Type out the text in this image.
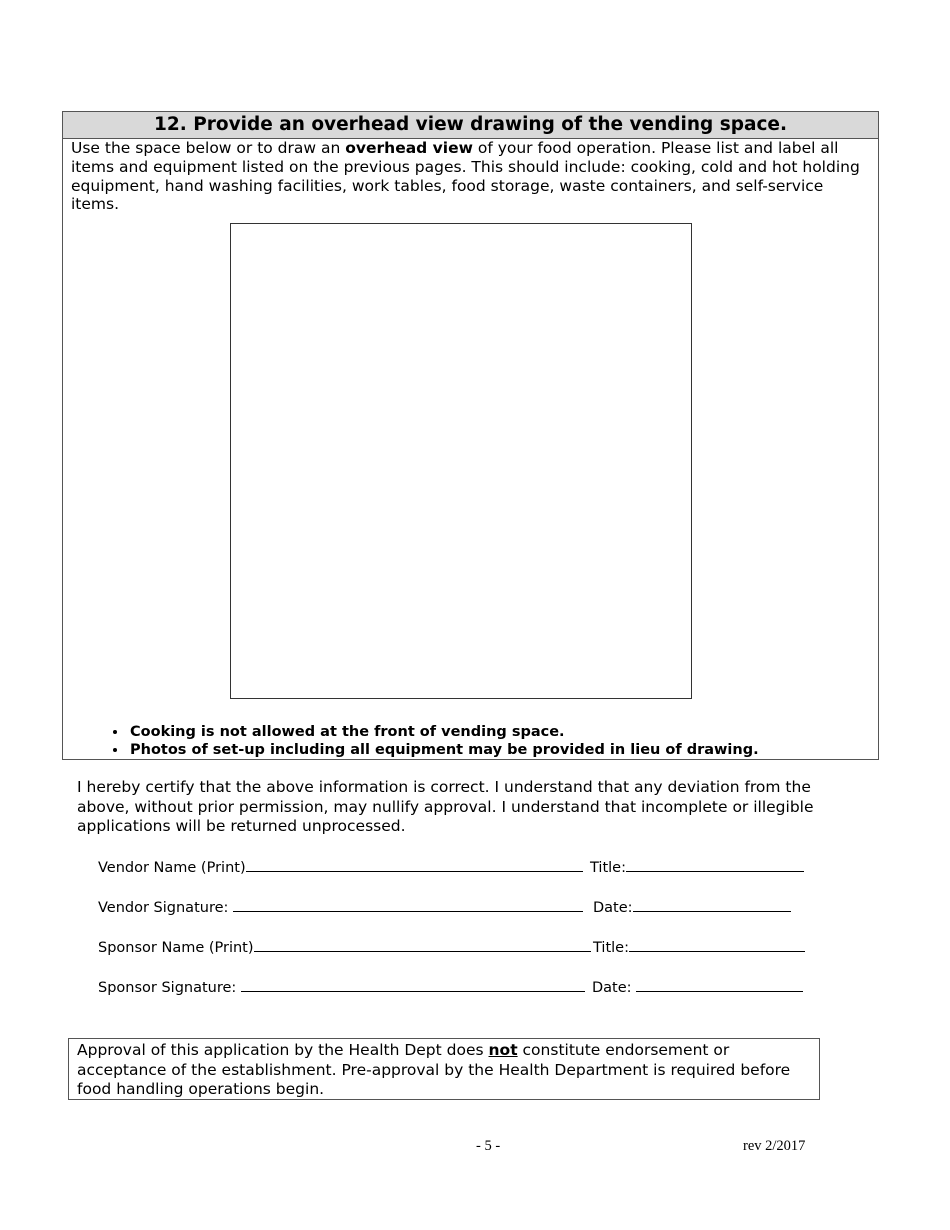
12. Provide an overhead view drawing of the vending space.

Use the space below or to draw an overhead view of your food operation. Please list and label all items and equipment listed on the previous pages. This should include: cooking, cold and hot holding equipment, hand washing facilities, work tables, food storage, waste containers, and self-service items.

• Cooking is not allowed at the front of vending space.
• Photos of set-up including all equipment may be provided in lieu of drawing.

I hereby certify that the above information is correct. I understand that any deviation from the above, without prior permission, may nullify approval. I understand that incomplete or illegible applications will be returned unprocessed.

Vendor Name (Print)	Title:
Vendor Signature:	Date:
Sponsor Name (Print)	Title:
Sponsor Signature:	Date:
Approval of this application by the Health Dept does not constitute endorsement or acceptance of the establishment. Pre-approval by the Health Department is required before food handling operations begin.
- 5 -	rev 2/2017
